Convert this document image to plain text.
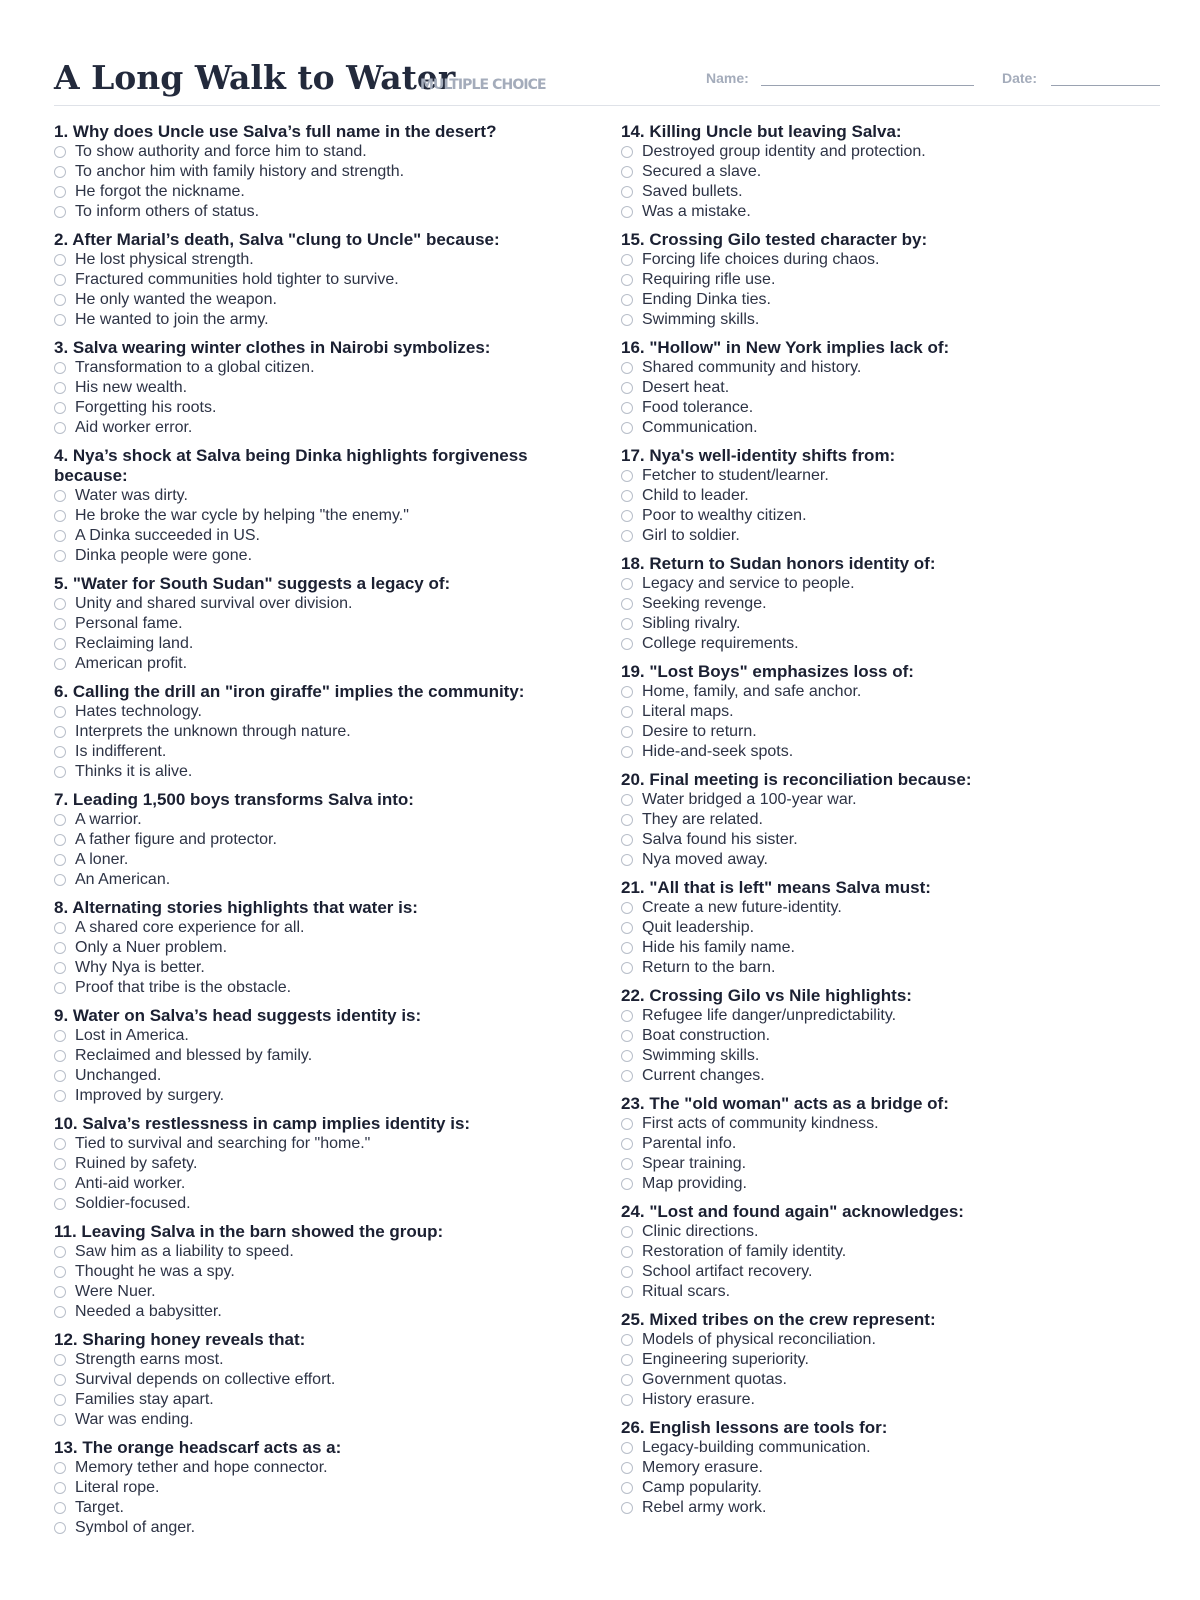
A Long Walk to Water
MULTIPLE CHOICE	Name:	Date:

1. Why does Uncle use Salva’s full name in the desert?

To show authority and force him to stand.
To anchor him with family history and strength.
He forgot the nickname.
To inform others of status.

2. After Marial’s death, Salva "clung to Uncle" because:

He lost physical strength.
Fractured communities hold tighter to survive.
He only wanted the weapon.
He wanted to join the army.

3. Salva wearing winter clothes in Nairobi symbolizes:

Transformation to a global citizen.
His new wealth.
Forgetting his roots.
Aid worker error.

4. Nya’s shock at Salva being Dinka highlights forgiveness because:

Water was dirty.
He broke the war cycle by helping "the enemy."
A Dinka succeeded in US.
Dinka people were gone.

5. "Water for South Sudan" suggests a legacy of:

Unity and shared survival over division.
Personal fame.
Reclaiming land.
American profit.

6. Calling the drill an "iron giraffe" implies the community:

Hates technology.
Interprets the unknown through nature.
Is indifferent.
Thinks it is alive.

7. Leading 1,500 boys transforms Salva into:

A warrior.
A father figure and protector.
A loner.
An American.

8. Alternating stories highlights that water is:

A shared core experience for all.
Only a Nuer problem.
Why Nya is better.
Proof that tribe is the obstacle.

9. Water on Salva’s head suggests identity is:

Lost in America.
Reclaimed and blessed by family.
Unchanged.
Improved by surgery.

10. Salva’s restlessness in camp implies identity is:

Tied to survival and searching for "home."
Ruined by safety.
Anti-aid worker.
Soldier-focused.

11. Leaving Salva in the barn showed the group:

Saw him as a liability to speed.
Thought he was a spy.
Were Nuer.
Needed a babysitter.

12. Sharing honey reveals that:

Strength earns most.
Survival depends on collective effort.
Families stay apart.
War was ending.

13. The orange headscarf acts as a:

Memory tether and hope connector.
Literal rope.
Target.
Symbol of anger.

14. Killing Uncle but leaving Salva:

Destroyed group identity and protection.
Secured a slave.
Saved bullets.
Was a mistake.

15. Crossing Gilo tested character by:

Forcing life choices during chaos.
Requiring rifle use.
Ending Dinka ties.
Swimming skills.

16. "Hollow" in New York implies lack of:

Shared community and history.
Desert heat.
Food tolerance.
Communication.

17. Nya's well-identity shifts from:

Fetcher to student/learner.
Child to leader.
Poor to wealthy citizen.
Girl to soldier.

18. Return to Sudan honors identity of:

Legacy and service to people.
Seeking revenge.
Sibling rivalry.
College requirements.

19. "Lost Boys" emphasizes loss of:

Home, family, and safe anchor.
Literal maps.
Desire to return.
Hide-and-seek spots.

20. Final meeting is reconciliation because:

Water bridged a 100-year war.
They are related.
Salva found his sister.
Nya moved away.

21. "All that is left" means Salva must:

Create a new future-identity.
Quit leadership.
Hide his family name.
Return to the barn.

22. Crossing Gilo vs Nile highlights:

Refugee life danger/unpredictability.
Boat construction.
Swimming skills.
Current changes.

23. The "old woman" acts as a bridge of:

First acts of community kindness.
Parental info.
Spear training.
Map providing.

24. "Lost and found again" acknowledges:

Clinic directions.
Restoration of family identity.
School artifact recovery.
Ritual scars.

25. Mixed tribes on the crew represent:

Models of physical reconciliation.
Engineering superiority.
Government quotas.
History erasure.

26. English lessons are tools for:

Legacy-building communication.
Memory erasure.
Camp popularity.
Rebel army work.
